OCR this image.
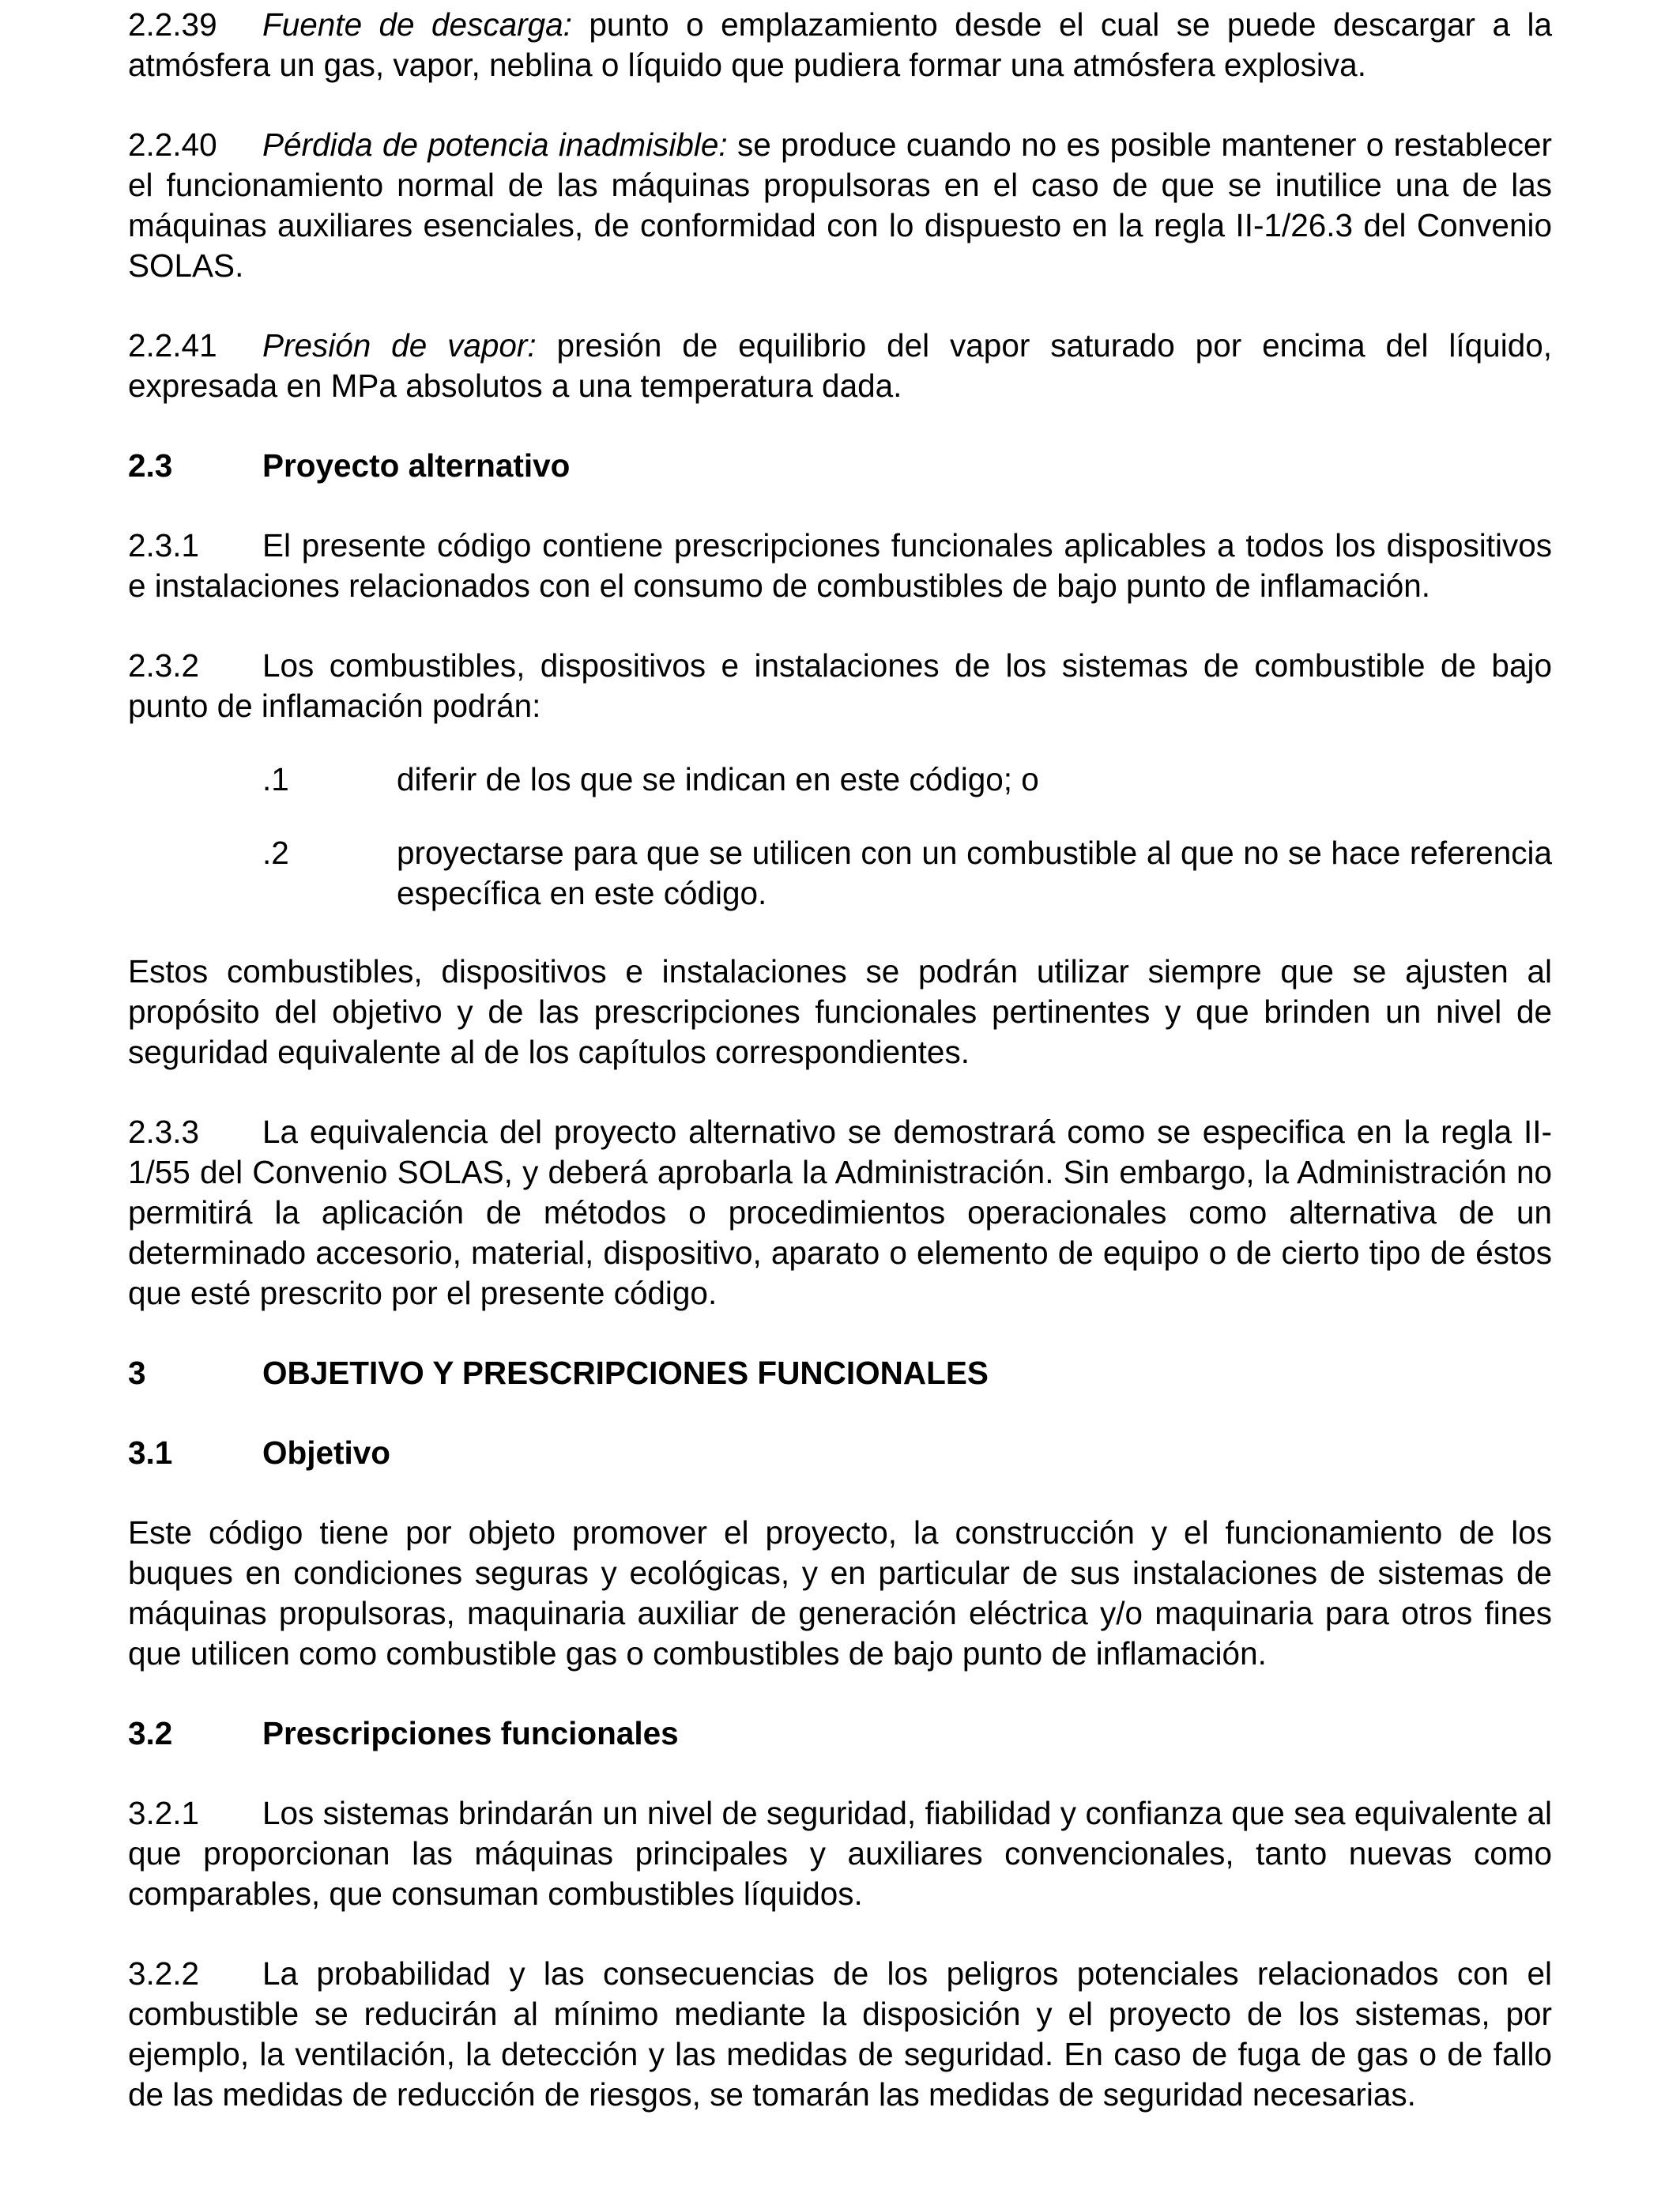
2.2.39 Fuente de descarga: punto o emplazamiento desde el cual se puede descargar a la atmósfera un gas, vapor, neblina o líquido que pudiera formar una atmósfera explosiva.

2.2.40 Pérdida de potencia inadmisible: se produce cuando no es posible mantener o restablecer el funcionamiento normal de las máquinas propulsoras en el caso de que se inutilice una de las máquinas auxiliares esenciales, de conformidad con lo dispuesto en la regla II-1/26.3 del Convenio SOLAS.

2.2.41 Presión de vapor: presión de equilibrio del vapor saturado por encima del líquido, expresada en MPa absolutos a una temperatura dada.

2.3	Proyecto alternativo

2.3.1 El presente código contiene prescripciones funcionales aplicables a todos los dispositivos e instalaciones relacionados con el consumo de combustibles de bajo punto de inflamación.

2.3.2 Los combustibles, dispositivos e instalaciones de los sistemas de combustible de bajo punto de inflamación podrán:

.1	diferir de los que se indican en este código; o
.2	proyectarse para que se utilicen con un combustible al que no se hace referencia específica en este código.

Estos combustibles, dispositivos e instalaciones se podrán utilizar siempre que se ajusten al propósito del objetivo y de las prescripciones funcionales pertinentes y que brinden un nivel de seguridad equivalente al de los capítulos correspondientes.

2.3.3 La equivalencia del proyecto alternativo se demostrará como se especifica en la regla II-1/55 del Convenio SOLAS, y deberá aprobarla la Administración. Sin embargo, la Administración no permitirá la aplicación de métodos o procedimientos operacionales como alternativa de un determinado accesorio, material, dispositivo, aparato o elemento de equipo o de cierto tipo de éstos que esté prescrito por el presente código.

3	OBJETIVO Y PRESCRIPCIONES FUNCIONALES

3.1	Objetivo

Este código tiene por objeto promover el proyecto, la construcción y el funcionamiento de los buques en condiciones seguras y ecológicas, y en particular de sus instalaciones de sistemas de máquinas propulsoras, maquinaria auxiliar de generación eléctrica y/o maquinaria para otros fines que utilicen como combustible gas o combustibles de bajo punto de inflamación.

3.2	Prescripciones funcionales

3.2.1 Los sistemas brindarán un nivel de seguridad, fiabilidad y confianza que sea equivalente al que proporcionan las máquinas principales y auxiliares convencionales, tanto nuevas como comparables, que consuman combustibles líquidos.

3.2.2 La probabilidad y las consecuencias de los peligros potenciales relacionados con el combustible se reducirán al mínimo mediante la disposición y el proyecto de los sistemas, por ejemplo, la ventilación, la detección y las medidas de seguridad. En caso de fuga de gas o de fallo de las medidas de reducción de riesgos, se tomarán las medidas de seguridad necesarias.
